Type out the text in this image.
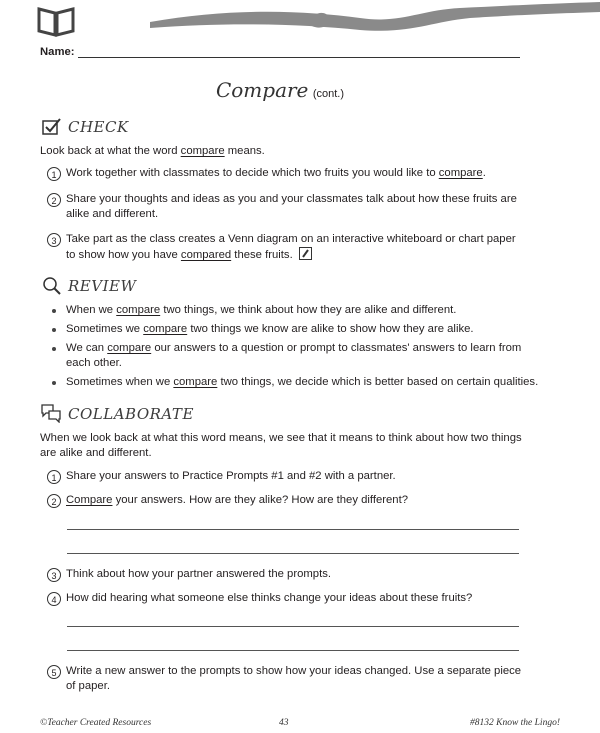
Name:
Compare (cont.)
CHECK
Look back at what the word compare means.
1 Work together with classmates to decide which two fruits you would like to compare.
2 Share your thoughts and ideas as you and your classmates talk about how these fruits are
alike and different.
3 Take part as the class creates a Venn diagram on an interactive whiteboard or chart paper
to show how you have compared these fruits.
REVIEW
When we compare two things, we think about how they are alike and different.
Sometimes we compare two things we know are alike to show how they are alike.
We can compare our answers to a question or prompt to classmates' answers to learn from
each other.
Sometimes when we compare two things, we decide which is better based on certain qualities.
COLLABORATE
When we look back at what this word means, we see that it means to think about how two things
are alike and different.
1 Share your answers to Practice Prompts #1 and #2 with a partner.
2 Compare your answers. How are they alike? How are they different?
3 Think about how your partner answered the prompts.
4 How did hearing what someone else thinks change your ideas about these fruits?
5 Write a new answer to the prompts to show how your ideas changed. Use a separate piece
of paper.
©Teacher Created Resources	43	#8132 Know the Lingo!
